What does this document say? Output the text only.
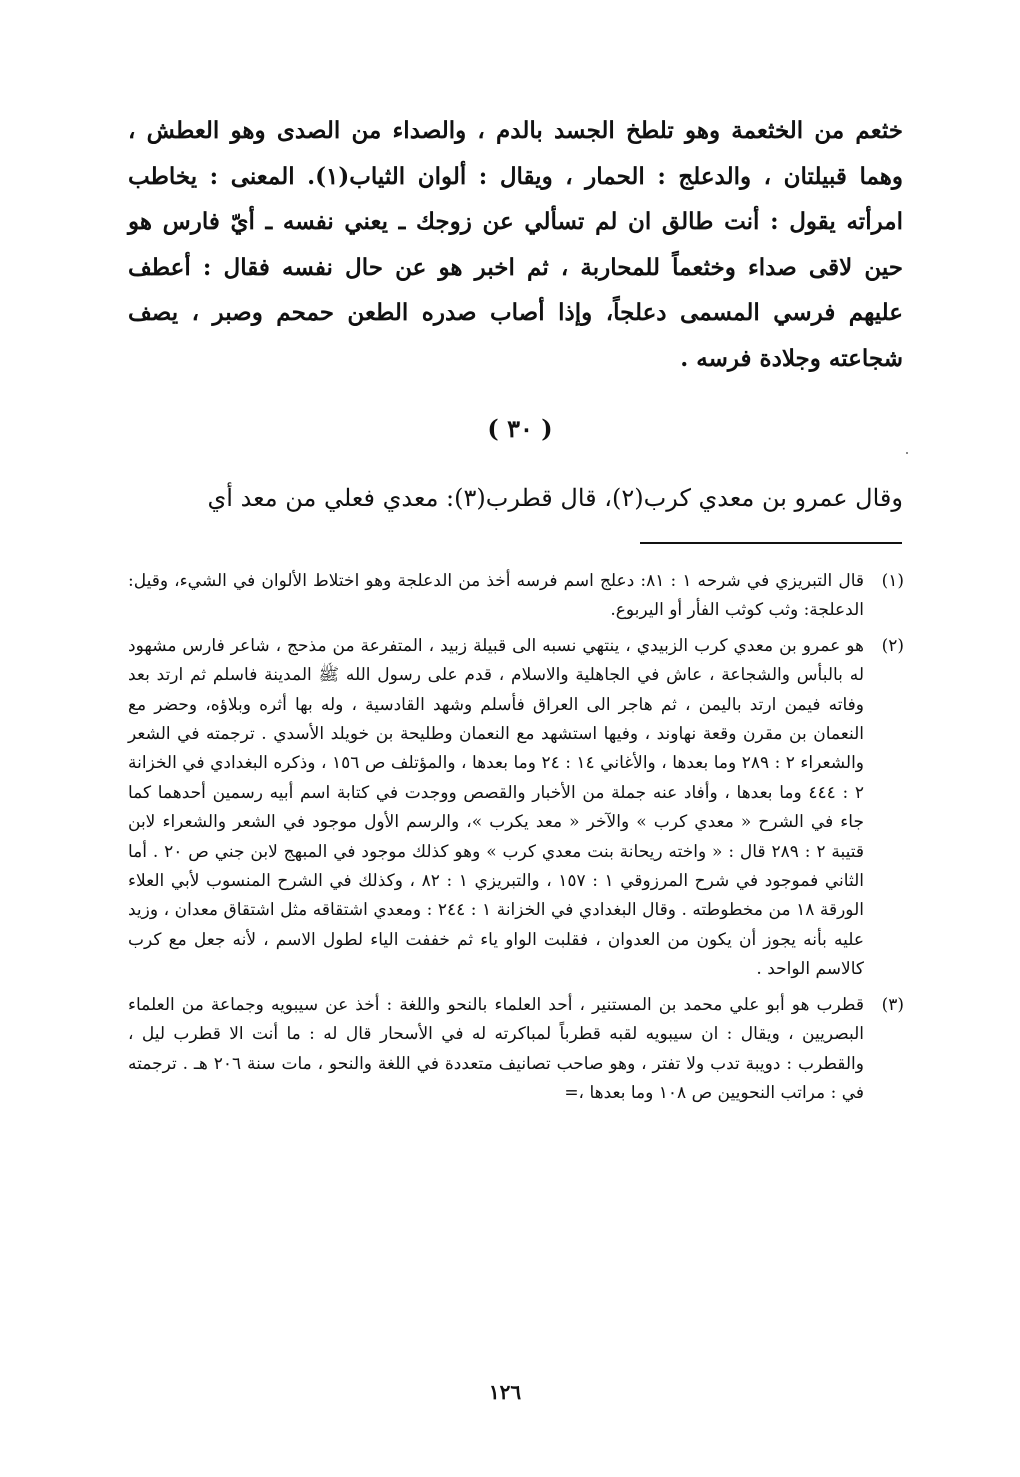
خثعم من الخثعمة وهو تلطخ الجسد بالدم ، والصداء من الصدى وهو العطش ، وهما قبيلتان ، والدعلج : الحمار ، ويقال : ألوان الثياب(١). المعنى : يخاطب امرأته يقول : أنت طالق ان لم تسألي عن زوجك ـ يعني نفسه ـ أيّ فارس هو حين لاقى صداء وخثعماً للمحاربة ، ثم اخبر هو عن حال نفسه فقال : أعطف عليهم فرسي المسمى دعلجاً، وإذا أصاب صدره الطعن حمحم وصبر ، يصف شجاعته وجلادة فرسه .

( ٣٠ )
وقال عمرو بن معدي كرب(٢)، قال قطرب(٣): معدي فعلي من معد أي
(١)

قال التبريزي في شرحه ١ : ٨١: دعلج اسم فرسه أخذ من الدعلجة وهو اختلاط الألوان في الشيء، وقيل: الدعلجة: وثب كوثب الفأر أو اليربوع.

(٢)

هو عمرو بن معدي كرب الزبيدي ، ينتهي نسبه الى قبيلة زبيد ، المتفرعة من مذحج ، شاعر فارس مشهود له بالبأس والشجاعة ، عاش في الجاهلية والاسلام ، قدم على رسول الله ﷺ المدينة فاسلم ثم ارتد بعد وفاته فيمن ارتد باليمن ، ثم هاجر الى العراق فأسلم وشهد القادسية ، وله بها أثره وبلاؤه، وحضر مع النعمان بن مقرن وقعة نهاوند ، وفيها استشهد مع النعمان وطليحة بن خويلد الأسدي . ترجمته في الشعر والشعراء ٢ : ٢٨٩ وما بعدها ، والأغاني ١٤ : ٢٤ وما بعدها ، والمؤتلف ص ١٥٦ ، وذكره البغدادي في الخزانة ٢ : ٤٤٤ وما بعدها ، وأفاد عنه جملة من الأخبار والقصص ووجدت في كتابة اسم أبيه رسمين أحدهما كما جاء في الشرح « معدي كرب » والآخر « معد يكرب »، والرسم الأول موجود في الشعر والشعراء لابن قتيبة ٢ : ٢٨٩ قال : « واخته ريحانة بنت معدي كرب » وهو كذلك موجود في المبهج لابن جني ص ٢٠ . أما الثاني فموجود في شرح المرزوقي ١ : ١٥٧ ، والتبريزي ١ : ٨٢ ، وكذلك في الشرح المنسوب لأبي العلاء الورقة ١٨ من مخطوطته . وقال البغدادي في الخزانة ١ : ٢٤٤ : ومعدي اشتقاقه مثل اشتقاق معدان ، وزيد عليه بأنه يجوز أن يكون من العدوان ، فقلبت الواو ياء ثم خففت الياء لطول الاسم ، لأنه جعل مع كرب كالاسم الواحد .

(٣)

قطرب هو أبو علي محمد بن المستنير ، أحد العلماء بالنحو واللغة : أخذ عن سيبويه وجماعة من العلماء البصريين ، ويقال : ان سيبويه لقبه قطرباً لمباكرته له في الأسحار قال له : ما أنت الا قطرب ليل ، والقطرب : دويبة تدب ولا تفتر ، وهو صاحب تصانيف متعددة في اللغة والنحو ، مات سنة ٢٠٦ هـ . ترجمته في : مراتب النحويين ص ١٠٨ وما بعدها ،=

١٢٦
